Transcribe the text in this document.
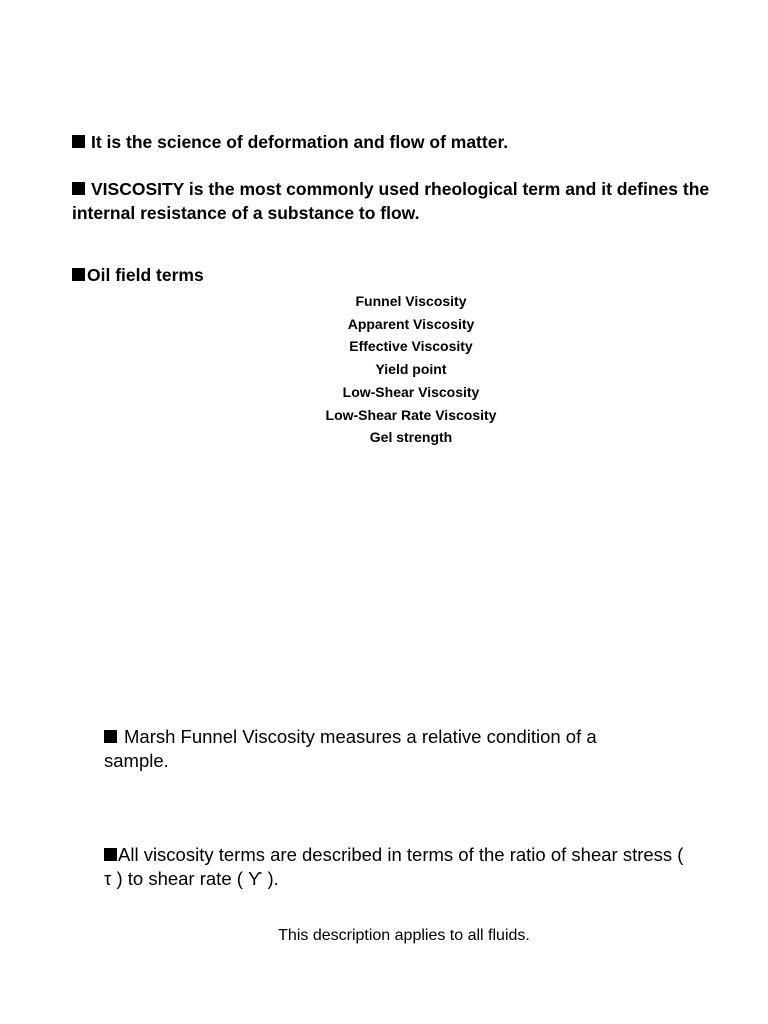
It is the science of deformation and flow of matter.

VISCOSITY is the most commonly used rheological term and it defines the internal resistance of a substance to flow.

Oil field terms

Funnel Viscosity
Apparent Viscosity
Effective Viscosity
Yield point
Low-Shear Viscosity
Low-Shear Rate Viscosity
Gel strength

Marsh Funnel Viscosity measures a relative condition of a sample.

All viscosity terms are described in terms of the ratio of shear stress ( τ ) to shear rate ( ϒ ).

This description applies to all fluids.
